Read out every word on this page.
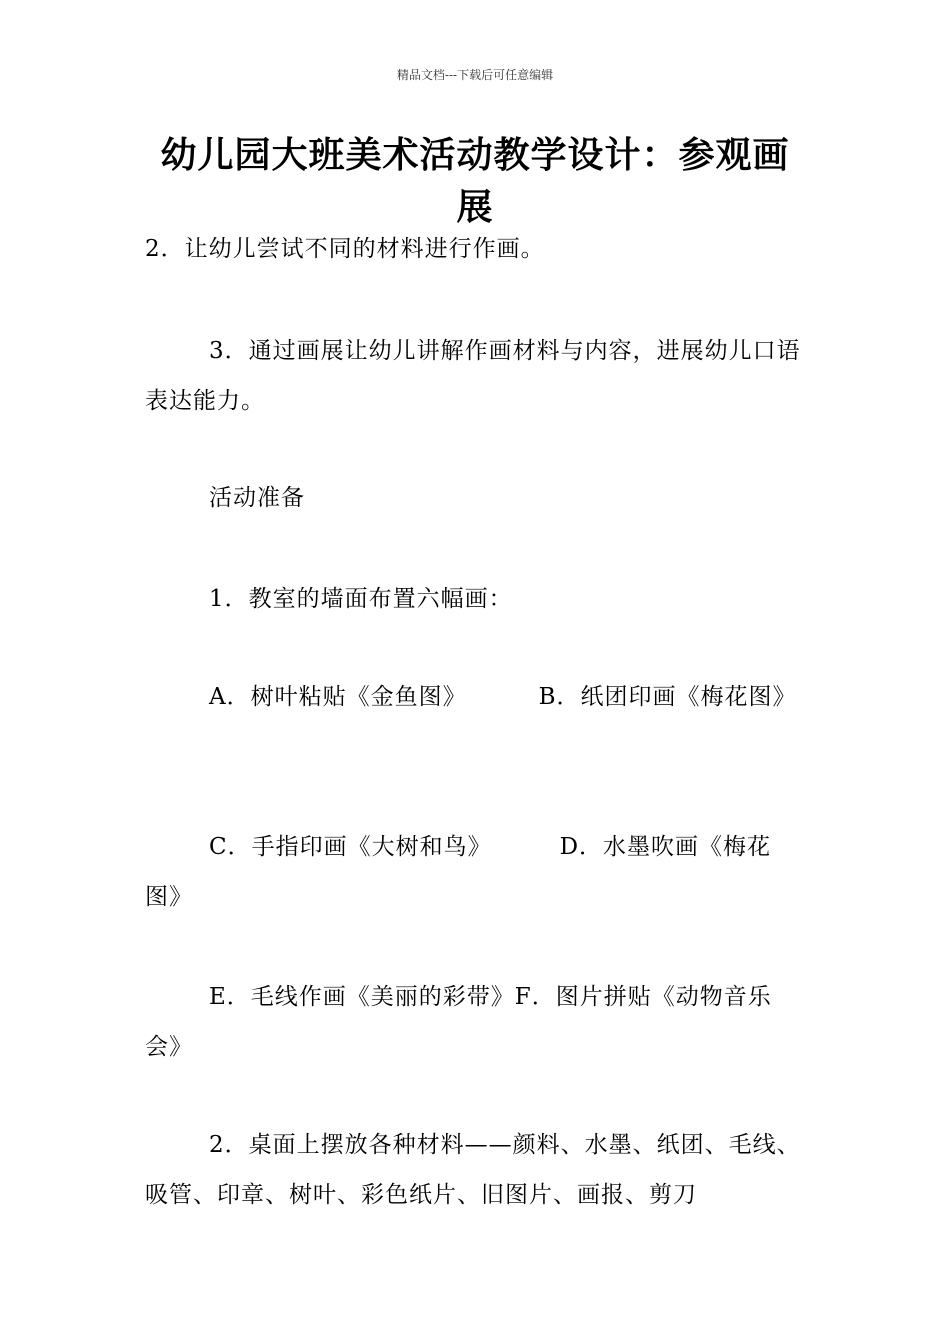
精品文档---下载后可任意编辑
幼儿园大班美术活动教学设计：参观画展

2．让幼儿尝试不同的材料进行作画。

3．通过画展让幼儿讲解作画材料与内容，进展幼儿口语表达能力。

活动准备

1．教室的墙面布置六幅画：

A．树叶粘贴《金鱼图》	B．纸团印画《梅花图》

C．手指印画《大树和鸟》	D．水墨吹画《梅花图》

E．毛线作画《美丽的彩带》F．图片拼贴《动物音乐会》

2．桌面上摆放各种材料——颜料、水墨、纸团、毛线、吸管、印章、树叶、彩色纸片、旧图片、画报、剪刀
